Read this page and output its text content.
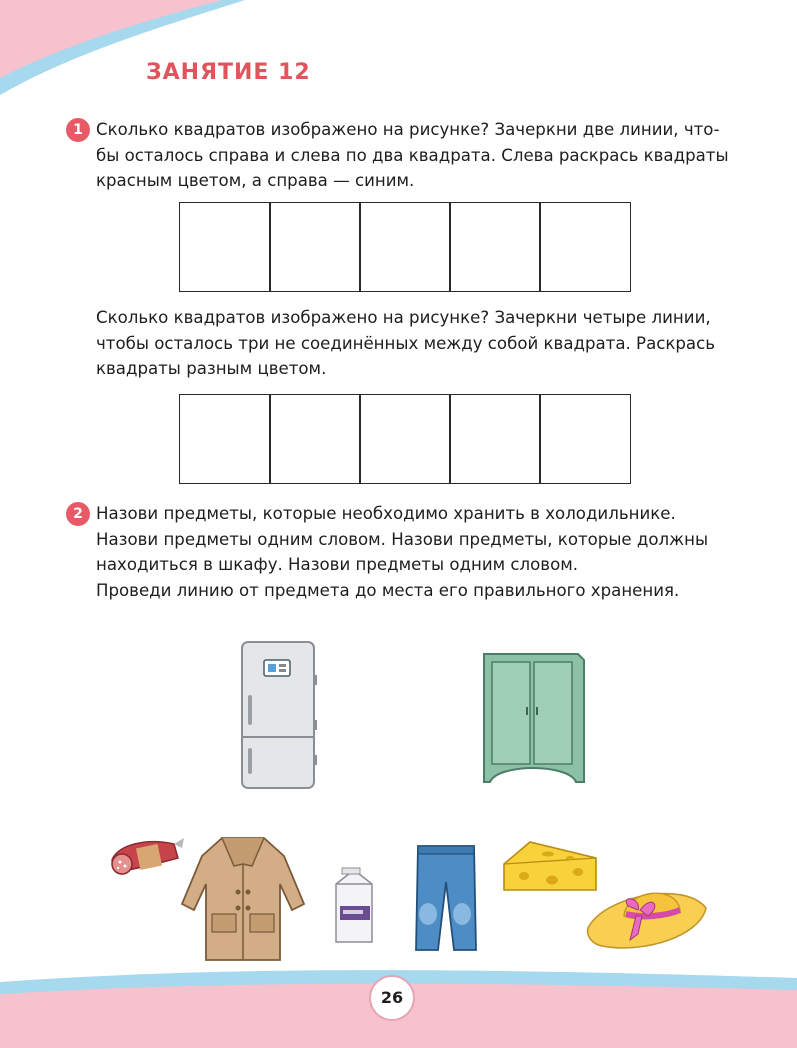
ЗАНЯТИЕ 12
1 Сколько квадратов изображено на рисунке? Зачеркни две линии, что-
бы осталось справа и слева по два квадрата. Слева раскрась квадраты
красным цветом, а справа — синим.

Сколько квадратов изображено на рисунке? Зачеркни четыре линии,
чтобы осталось три не соединённых между собой квадрата. Раскрась
квадраты разным цветом.

2 Назови предметы, которые необходимо хранить в холодильнике.
Назови предметы одним словом. Назови предметы, которые должны
находиться в шкафу. Назови предметы одним словом.
Проведи линию от предмета до места его правильного хранения.

26
